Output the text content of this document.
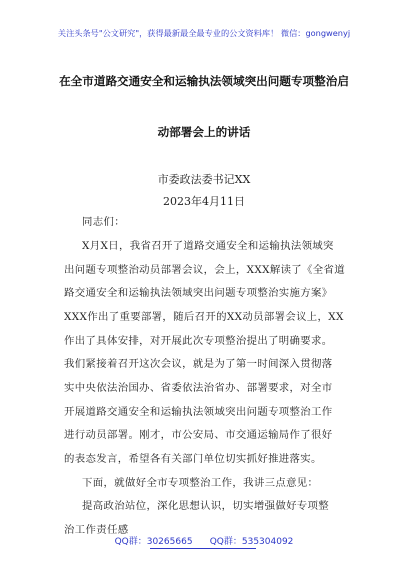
关注头条号"公文研究"，获得最新最全最专业的公文资料库！ 微信：gongwenyj
在全市道路交通安全和运输执法领域突出问题专项整治启
动部署会上的讲话
市委政法委书记XX
2023年4月11日
同志们：
X月X日，我省召开了道路交通安全和运输执法领域突
出问题专项整治动员部署会议，会上，XXX解读了《全省道
路交通安全和运输执法领域突出问题专项整治实施方案》
XXX作出了重要部署，随后召开的XX动员部署会议上，XX
作出了具体安排，对开展此次专项整治提出了明确要求。
我们紧接着召开这次会议，就是为了第一时间深入贯彻落
实中央依法治国办、省委依法治省办、部署要求，对全市
开展道路交通安全和运输执法领域突出问题专项整治工作
进行动员部署。刚才，市公安局、市交通运输局作了很好
的表态发言，希望各有关部门单位切实抓好推进落实。
下面，就做好全市专项整治工作，我讲三点意见：
提高政治站位，深化思想认识，切实增强做好专项整
治工作责任感
QQ群：30265665      QQ群：535304092
